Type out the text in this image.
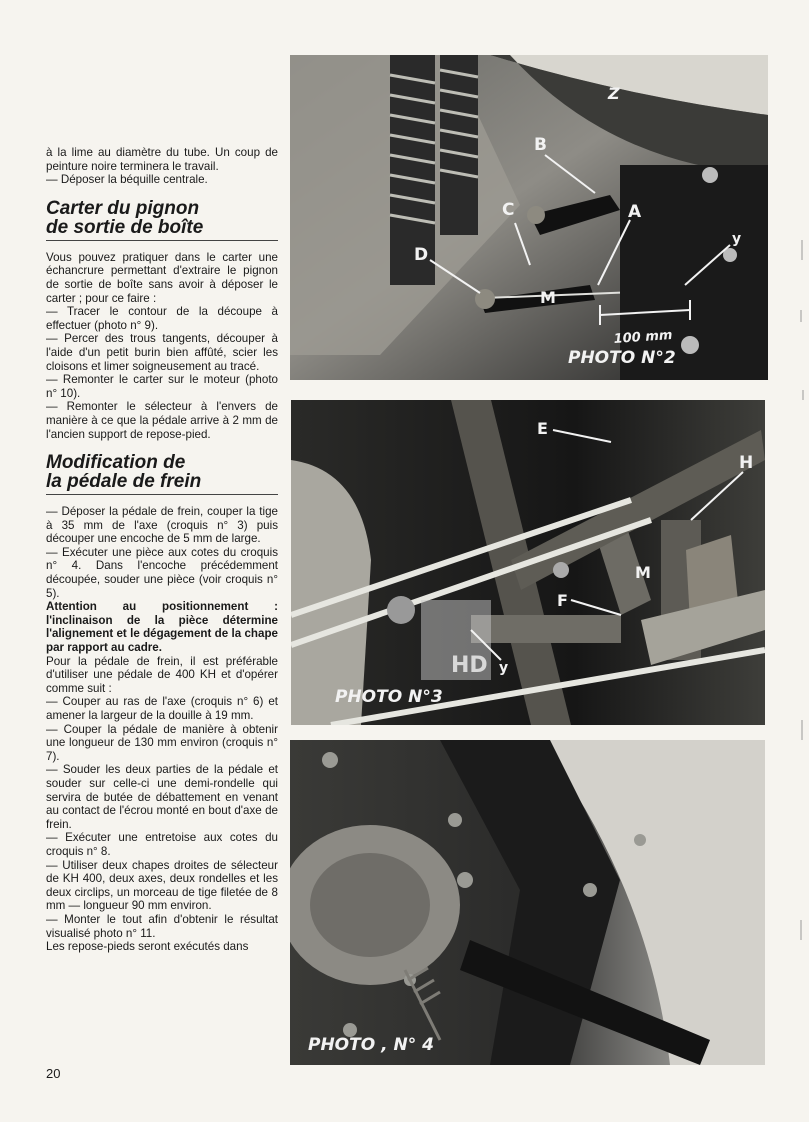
à la lime au diamètre du tube. Un coup de peinture noire terminera le travail.

— Déposer la béquille centrale.

Carter du pignon
de sortie de boîte

Vous pouvez pratiquer dans le carter une échancrure permettant d'extraire le pignon de sortie de boîte sans avoir à déposer le carter ; pour ce faire :

— Tracer le contour de la découpe à effectuer (photo n° 9).

— Percer des trous tangents, découper à l'aide d'un petit burin bien affûté, scier les cloisons et limer soigneusement au tracé.

— Remonter le carter sur le moteur (photo n° 10).

— Remonter le sélecteur à l'envers de manière à ce que la pédale arrive à 2 mm de l'ancien support de repose-pied.

Modification de
la pédale de frein

— Déposer la pédale de frein, couper la tige à 35 mm de l'axe (croquis n° 3) puis découper une encoche de 5 mm de large.

— Exécuter une pièce aux cotes du croquis n° 4. Dans l'encoche précédemment découpée, souder une pièce (voir croquis n° 5).

Attention au positionnement : l'inclinaison de la pièce détermine l'alignement et le dégagement de la chape par rapport au cadre.

Pour la pédale de frein, il est préférable d'utiliser une pédale de 400 KH et d'opérer comme suit :

— Couper au ras de l'axe (croquis n° 6) et amener la largeur de la douille à 19 mm.

— Couper la pédale de manière à obtenir une longueur de 130 mm environ (croquis n° 7).

— Souder les deux parties de la pédale et souder sur celle-ci une demi-rondelle qui servira de butée de débattement en venant au contact de l'écrou monté en bout d'axe de frein.

— Exécuter une entretoise aux cotes du croquis n° 8.

— Utiliser deux chapes droites de sélecteur de KH 400, deux axes, deux rondelles et les deux circlips, un morceau de tige filetée de 8 mm — longueur 90 mm environ.

— Monter le tout afin d'obtenir le résultat visualisé photo n° 11.

Les repose-pieds seront exécutés dans

20
B
C	A
D
M
y
100 mm
Z
PHOTO N°2
HD
E
H
M
F
y
PHOTO N°3
PHOTO , N° 4
